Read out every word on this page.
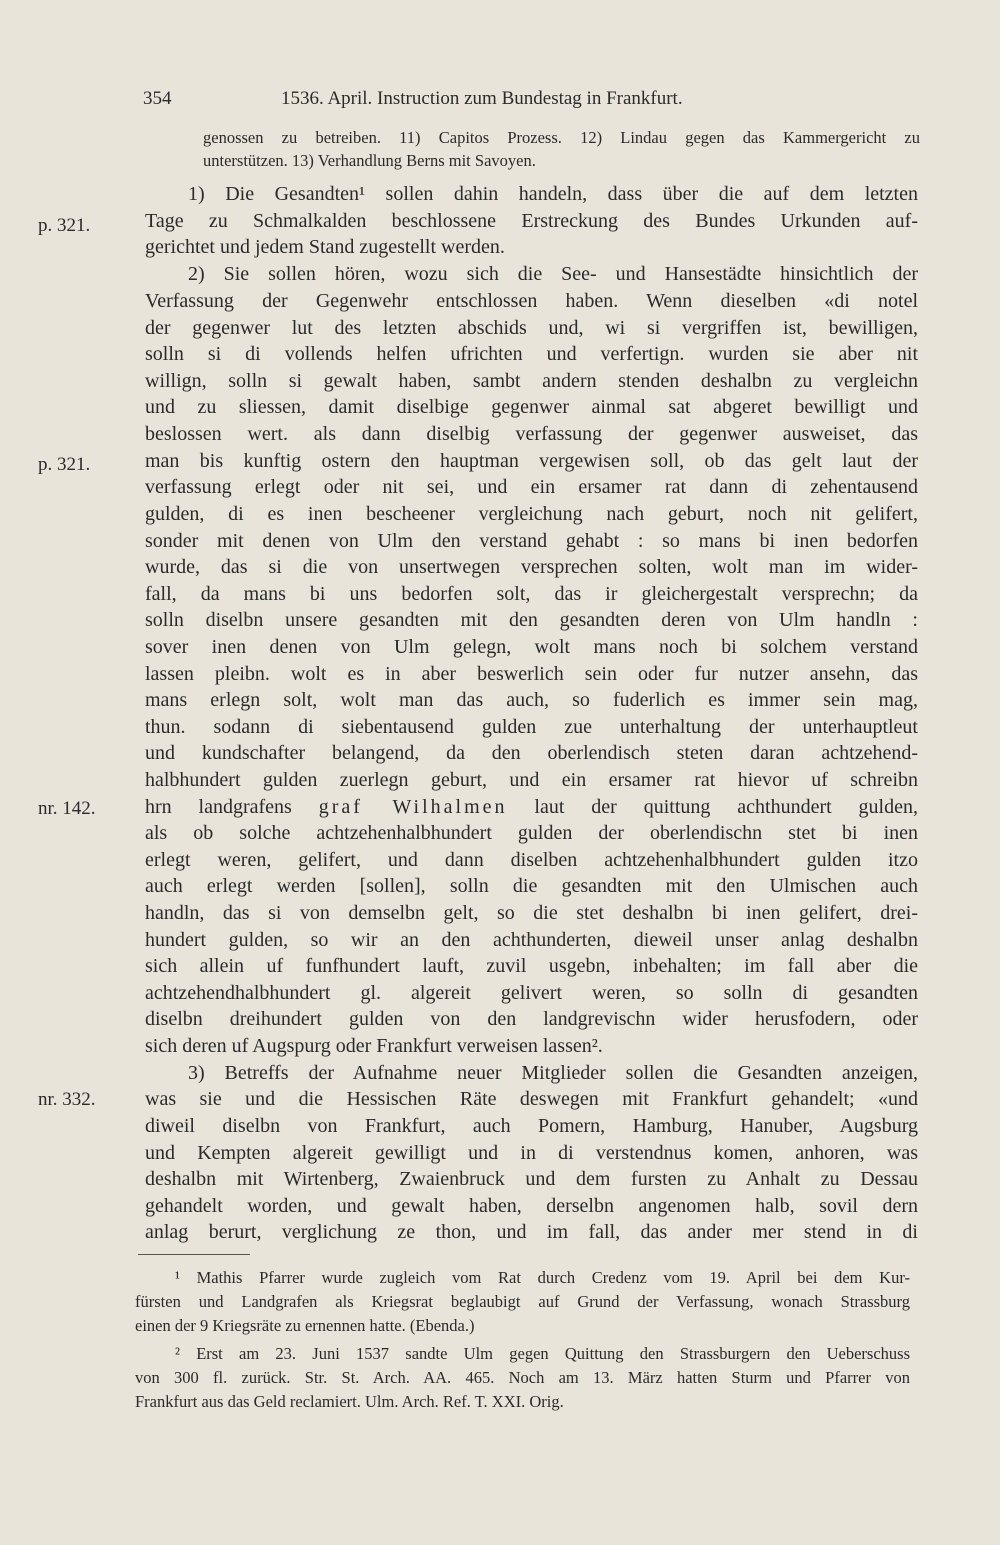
354	1536. April. Instruction zum Bundestag in Frankfurt.
p. 321.
p. 321.
nr. 142.
nr. 332.
genossen zu betreiben. 11) Capitos Prozess. 12) Lindau gegen das Kammergericht zu
unterstützen. 13) Verhandlung Berns mit Savoyen.
1) Die Gesandten¹ sollen dahin handeln, dass über die auf dem letzten
Tage zu Schmalkalden beschlossene Erstreckung des Bundes Urkunden auf-
gerichtet und jedem Stand zugestellt werden.
2) Sie sollen hören, wozu sich die See- und Hansestädte hinsichtlich der
Verfassung der Gegenwehr entschlossen haben. Wenn dieselben «di notel
der gegenwer lut des letzten abschids und, wi si vergriffen ist, bewilligen,
solln si di vollends helfen ufrichten und verfertign. wurden sie aber nit
willign, solln si gewalt haben, sambt andern stenden deshalbn zu vergleichn
und zu sliessen, damit diselbige gegenwer ainmal sat abgeret bewilligt und
beslossen wert. als dann diselbig verfassung der gegenwer ausweiset, das
man bis kunftig ostern den hauptman vergewisen soll, ob das gelt laut der
verfassung erlegt oder nit sei, und ein ersamer rat dann di zehentausend
gulden, di es inen bescheener vergleichung nach geburt, noch nit gelifert,
sonder mit denen von Ulm den verstand gehabt : so mans bi inen bedorfen
wurde, das si die von unsertwegen versprechen solten, wolt man im wider-
fall, da mans bi uns bedorfen solt, das ir gleichergestalt versprechn; da
solln diselbn unsere gesandten mit den gesandten deren von Ulm handln :
sover inen denen von Ulm gelegn, wolt mans noch bi solchem verstand
lassen pleibn. wolt es in aber beswerlich sein oder fur nutzer ansehn, das
mans erlegn solt, wolt man das auch, so fuderlich es immer sein mag,
thun. sodann di siebentausend gulden zue unterhaltung der unterhauptleut
und kundschafter belangend, da den oberlendisch steten daran achtzehend-
halbhundert gulden zuerlegn geburt, und ein ersamer rat hievor uf schreibn
hrn landgrafens graf Wilhalmen laut der quittung achthundert gulden,
als ob solche achtzehenhalbhundert gulden der oberlendischn stet bi inen
erlegt weren, gelifert, und dann diselben achtzehenhalbhundert gulden itzo
auch erlegt werden [sollen], solln die gesandten mit den Ulmischen auch
handln, das si von demselbn gelt, so die stet deshalbn bi inen gelifert, drei-
hundert gulden, so wir an den achthunderten, dieweil unser anlag deshalbn
sich allein uf funfhundert lauft, zuvil usgebn, inbehalten; im fall aber die
achtzehendhalbhundert gl. algereit gelivert weren, so solln di gesandten
diselbn dreihundert gulden von den landgrevischn wider herusfodern, oder
sich deren uf Augspurg oder Frankfurt verweisen lassen².
3) Betreffs der Aufnahme neuer Mitglieder sollen die Gesandten anzeigen,
was sie und die Hessischen Räte deswegen mit Frankfurt gehandelt; «und
diweil diselbn von Frankfurt, auch Pomern, Hamburg, Hanuber, Augsburg
und Kempten algereit gewilligt und in di verstendnus komen, anhoren, was
deshalbn mit Wirtenberg, Zwaienbruck und dem fursten zu Anhalt zu Dessau
gehandelt worden, und gewalt haben, derselbn angenomen halb, sovil dern
anlag berurt, verglichung ze thon, und im fall, das ander mer stend in di
¹ Mathis Pfarrer wurde zugleich vom Rat durch Credenz vom 19. April bei dem Kur-
fürsten und Landgrafen als Kriegsrat beglaubigt auf Grund der Verfassung, wonach Strassburg
einen der 9 Kriegsräte zu ernennen hatte. (Ebenda.)
² Erst am 23. Juni 1537 sandte Ulm gegen Quittung den Strassburgern den Ueberschuss
von 300 fl. zurück. Str. St. Arch. AA. 465. Noch am 13. März hatten Sturm und Pfarrer von
Frankfurt aus das Geld reclamiert. Ulm. Arch. Ref. T. XXI. Orig.
